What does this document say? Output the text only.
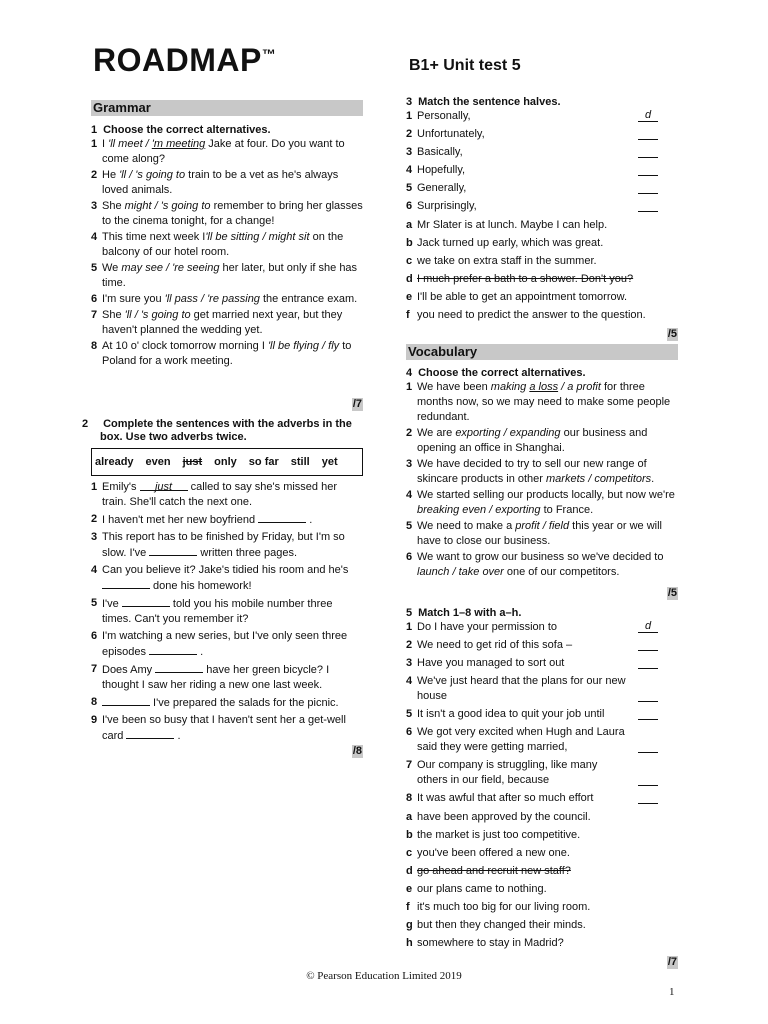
ROADMAP™
B1+ Unit test 5
Grammar
1 Choose the correct alternatives.
1 I 'll meet / 'm meeting Jake at four. Do you want to come along?
2 He 'll / 's going to train to be a vet as he's always loved animals.
3 She might / 's going to remember to bring her glasses to the cinema tonight, for a change!
4 This time next week I'll be sitting / might sit on the balcony of our hotel room.
5 We may see / 're seeing her later, but only if she has time.
6 I'm sure you 'll pass / 're passing the entrance exam.
7 She 'll / 's going to get married next year, but they haven't planned the wedding yet.
8 At 10 o' clock tomorrow morning I 'll be flying / fly to Poland for a work meeting.
/7
2 Complete the sentences with the adverbs in the box. Use two adverbs twice.
already even just only so far still yet
1 Emily's just called to say she's missed her train. She'll catch the next one.
2 I haven't met her new boyfriend	.
3 This report has to be finished by Friday, but I'm so slow. I've	written three pages.
4 Can you believe it? Jake's tidied his room and he's  done his homework!
5 I've	told you his mobile number three times. Can't you remember it?
6 I'm watching a new series, but I've only seen three episodes	.
7 Does Amy	have her green bicycle? I thought I saw her riding a new one last week.
8	I've prepared the salads for the picnic.
9 I've been so busy that I haven't sent her a get-well card	.
/8
3 Match the sentence halves.
1 Personally,	d
2 Unfortunately,
3 Basically,
4 Hopefully,
5 Generally,
6 Surprisingly,
a Mr Slater is at lunch. Maybe I can help.
b Jack turned up early, which was great.
c we take on extra staff in the summer.
d I much prefer a bath to a shower. Don't you?
e I'll be able to get an appointment tomorrow.
f you need to predict the answer to the question.
/5
Vocabulary
4 Choose the correct alternatives.
1 We have been making a loss / a profit for three months now, so we may need to make some people redundant.
2 We are exporting / expanding our business and opening an office in Shanghai.
3 We have decided to try to sell our new range of skincare products in other markets / competitors.
4 We started selling our products locally, but now we're breaking even / exporting to France.
5 We need to make a profit / field this year or we will have to close our business.
6 We want to grow our business so we've decided to launch / take over one of our competitors.
/5
5 Match 1–8 with a–h.
1 Do I have your permission to	d
2 We need to get rid of this sofa –
3 Have you managed to sort out
4 We've just heard that the plans for our new house
5 It isn't a good idea to quit your job until
6 We got very excited when Hugh and Laura said they were getting married,
7 Our company is struggling, like many others in our field, because
8 It was awful that after so much effort
a have been approved by the council.
b the market is just too competitive.
c you've been offered a new one.
d go ahead and recruit new staff?
e our plans came to nothing.
f it's much too big for our living room.
g but then they changed their minds.
h somewhere to stay in Madrid?
/7
© Pearson Education Limited 2019
1
